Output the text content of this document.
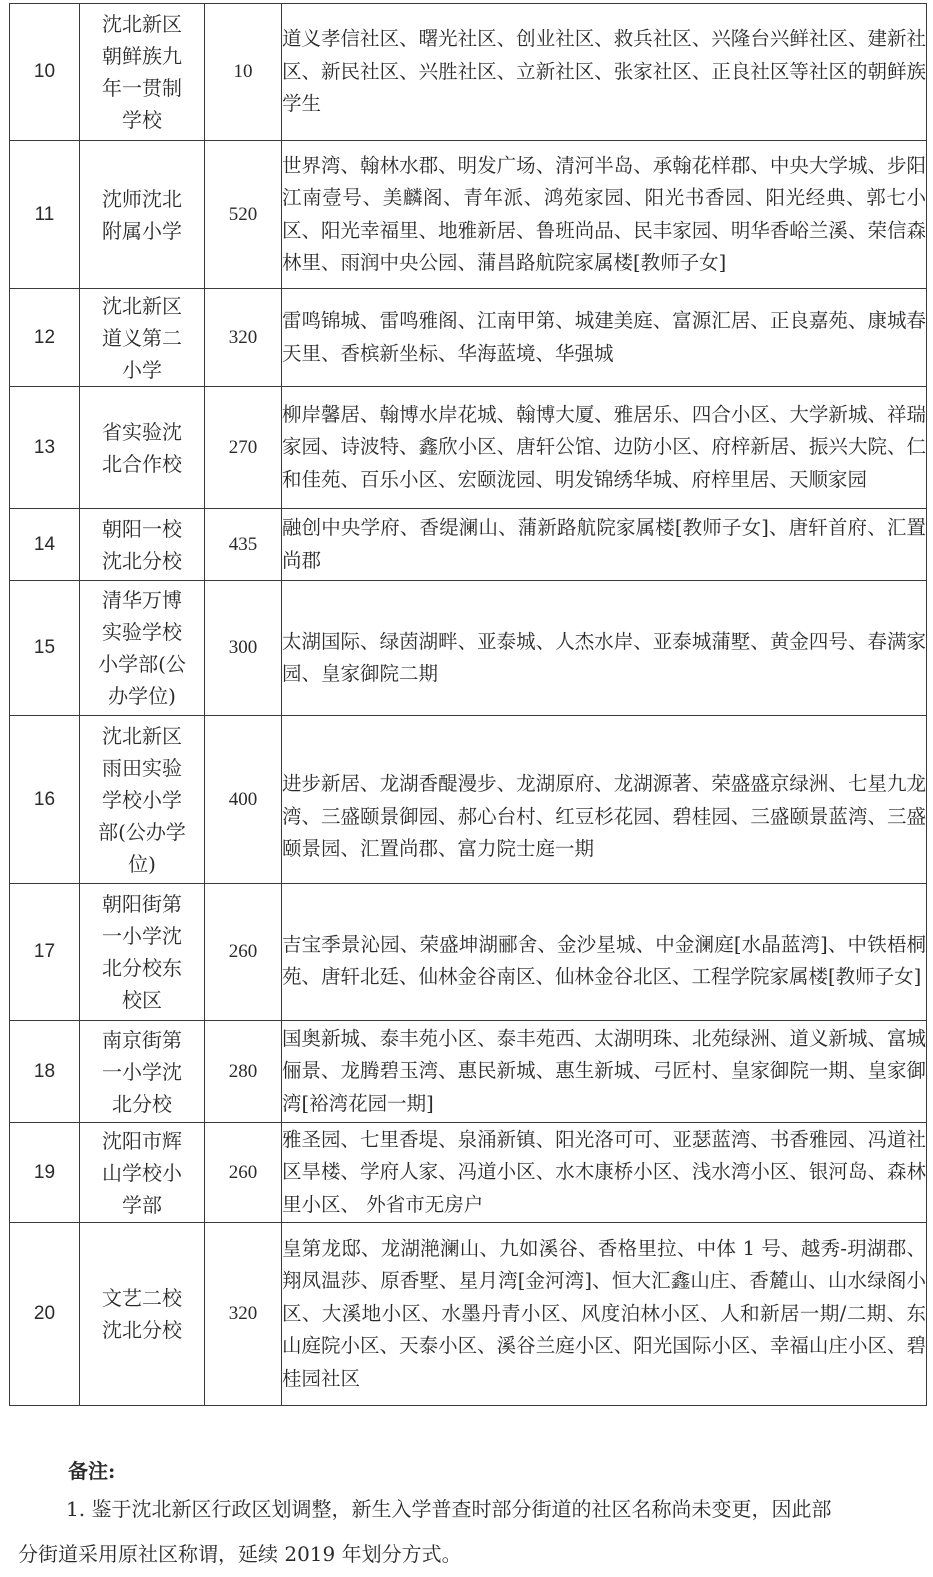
10	沈北新区
朝鲜族九
年一贯制
学校	10	道义孝信社区、曙光社区、创业社区、救兵社区、兴隆台兴鲜社区、建新社区、新民社区、兴胜社区、立新社区、张家社区、正良社区等社区的朝鲜族学生
11	沈师沈北
附属小学	520	世界湾、翰林水郡、明发广场、清河半岛、承翰花样郡、中央大学城、步阳江南壹号、美麟阁、青年派、鸿苑家园、阳光书香园、阳光经典、郭七小区、阳光幸福里、地雅新居、鲁班尚品、民丰家园、明华香峪兰溪、荣信森林里、雨润中央公园、蒲昌路航院家属楼[教师子女]
12	沈北新区
道义第二
小学	320	雷鸣锦城、雷鸣雅阁、江南甲第、城建美庭、富源汇居、正良嘉苑、康城春天里、香槟新坐标、华海蓝境、华强城
13	省实验沈
北合作校	270	柳岸馨居、翰博水岸花城、翰博大厦、雅居乐、四合小区、大学新城、祥瑞家园、诗波特、鑫欣小区、唐轩公馆、边防小区、府梓新居、振兴大院、仁和佳苑、百乐小区、宏颐泷园、明发锦绣华城、府梓里居、天顺家园
14	朝阳一校
沈北分校	435	融创中央学府、香缇澜山、蒲新路航院家属楼[教师子女]、唐轩首府、汇置尚郡
15	清华万博
实验学校
小学部(公
办学位)	300	太湖国际、绿茵湖畔、亚泰城、人杰水岸、亚泰城蒲墅、黄金四号、春满家园、皇家御院二期
16	沈北新区
雨田实验
学校小学
部(公办学
位)	400	进步新居、龙湖香醍漫步、龙湖原府、龙湖源著、荣盛盛京绿洲、七星九龙湾、三盛颐景御园、郝心台村、红豆杉花园、碧桂园、三盛颐景蓝湾、三盛颐景园、汇置尚郡、富力院士庭一期
17	朝阳街第
一小学沈
北分校东
校区	260	吉宝季景沁园、荣盛坤湖郦舍、金沙星城、中金澜庭[水晶蓝湾]、中铁梧桐苑、唐轩北廷、仙林金谷南区、仙林金谷北区、工程学院家属楼[教师子女]
18	南京街第
一小学沈
北分校	280	国奥新城、泰丰苑小区、泰丰苑西、太湖明珠、北苑绿洲、道义新城、富城俪景、龙腾碧玉湾、惠民新城、惠生新城、弓匠村、皇家御院一期、皇家御湾[裕湾花园一期]
19	沈阳市辉
山学校小
学部	260	雅圣园、七里香堤、泉涌新镇、阳光洛可可、亚瑟蓝湾、书香雅园、冯道社区旱楼、学府人家、冯道小区、水木康桥小区、浅水湾小区、银河岛、森林里小区、 外省市无房户
20	文艺二校
沈北分校	320	皇第龙邸、龙湖滟澜山、九如溪谷、香格里拉、中体 1 号、越秀-玥湖郡、翔凤温莎、原香墅、星月湾[金河湾]、恒大汇鑫山庄、香麓山、山水绿阁小区、大溪地小区、水墨丹青小区、风度泊林小区、人和新居一期/二期、东山庭院小区、天泰小区、溪谷兰庭小区、阳光国际小区、幸福山庄小区、碧桂园社区
备注:
1. 鉴于沈北新区行政区划调整，新生入学普查时部分街道的社区名称尚未变更，因此部
分街道采用原社区称谓，延续 2019 年划分方式。
